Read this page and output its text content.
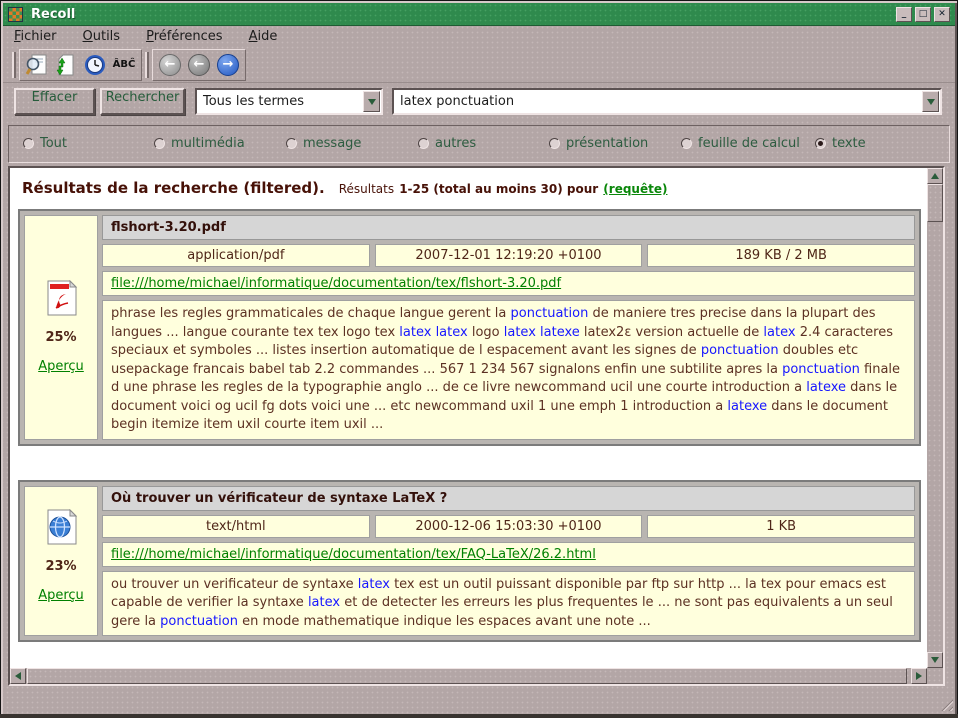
Recoll	_	□	✕
Fichier Outils Préférences Aide
ÂBĈ	←	←	→
Effacer	Rechercher	Tous les termes
latex ponctuation
Tout	multimédia	message	autres	présentation	feuille de calcul texte
Résultats de la recherche (filtered). Résultats 1-25 (total au moins 30) pour (requête)
25%
Aperçu
flshort-3.20.pdf
application/pdf	2007-12-01 12:19:20 +0100	189 KB / 2 MB
file:///home/michael/informatique/documentation/tex/flshort-3.20.pdf
phrase les regles grammaticales de chaque langue gerent la ponctuation de maniere tres precise dans la plupart des langues ... langue courante tex tex logo tex latex latex logo latex latexe latex2ε version actuelle de latex 2.4 caracteres speciaux et symboles ... listes insertion automatique de l espacement avant les signes de ponctuation doubles etc usepackage francais babel tab 2.2 commandes ... 567 1 234 567 signalons enfin une subtilite apres la ponctuation finale d une phrase les regles de la typographie anglo ... de ce livre newcommand ucil une courte introduction a latexe dans le document voici og ucil fg dots voici une ... etc newcommand uxil 1 une emph 1 introduction a latexe dans le document begin itemize item uxil courte item uxil ...
23%
Aperçu
Où trouver un vérificateur de syntaxe LaTeX ?
text/html	2000-12-06 15:03:30 +0100	1 KB
file:///home/michael/informatique/documentation/tex/FAQ-LaTeX/26.2.html
ou trouver un verificateur de syntaxe latex tex est un outil puissant disponible par ftp sur http ... la tex pour emacs est capable de verifier la syntaxe latex et de detecter les erreurs les plus frequentes le ... ne sont pas equivalents a un seul gere la ponctuation en mode mathematique indique les espaces avant une note ...
